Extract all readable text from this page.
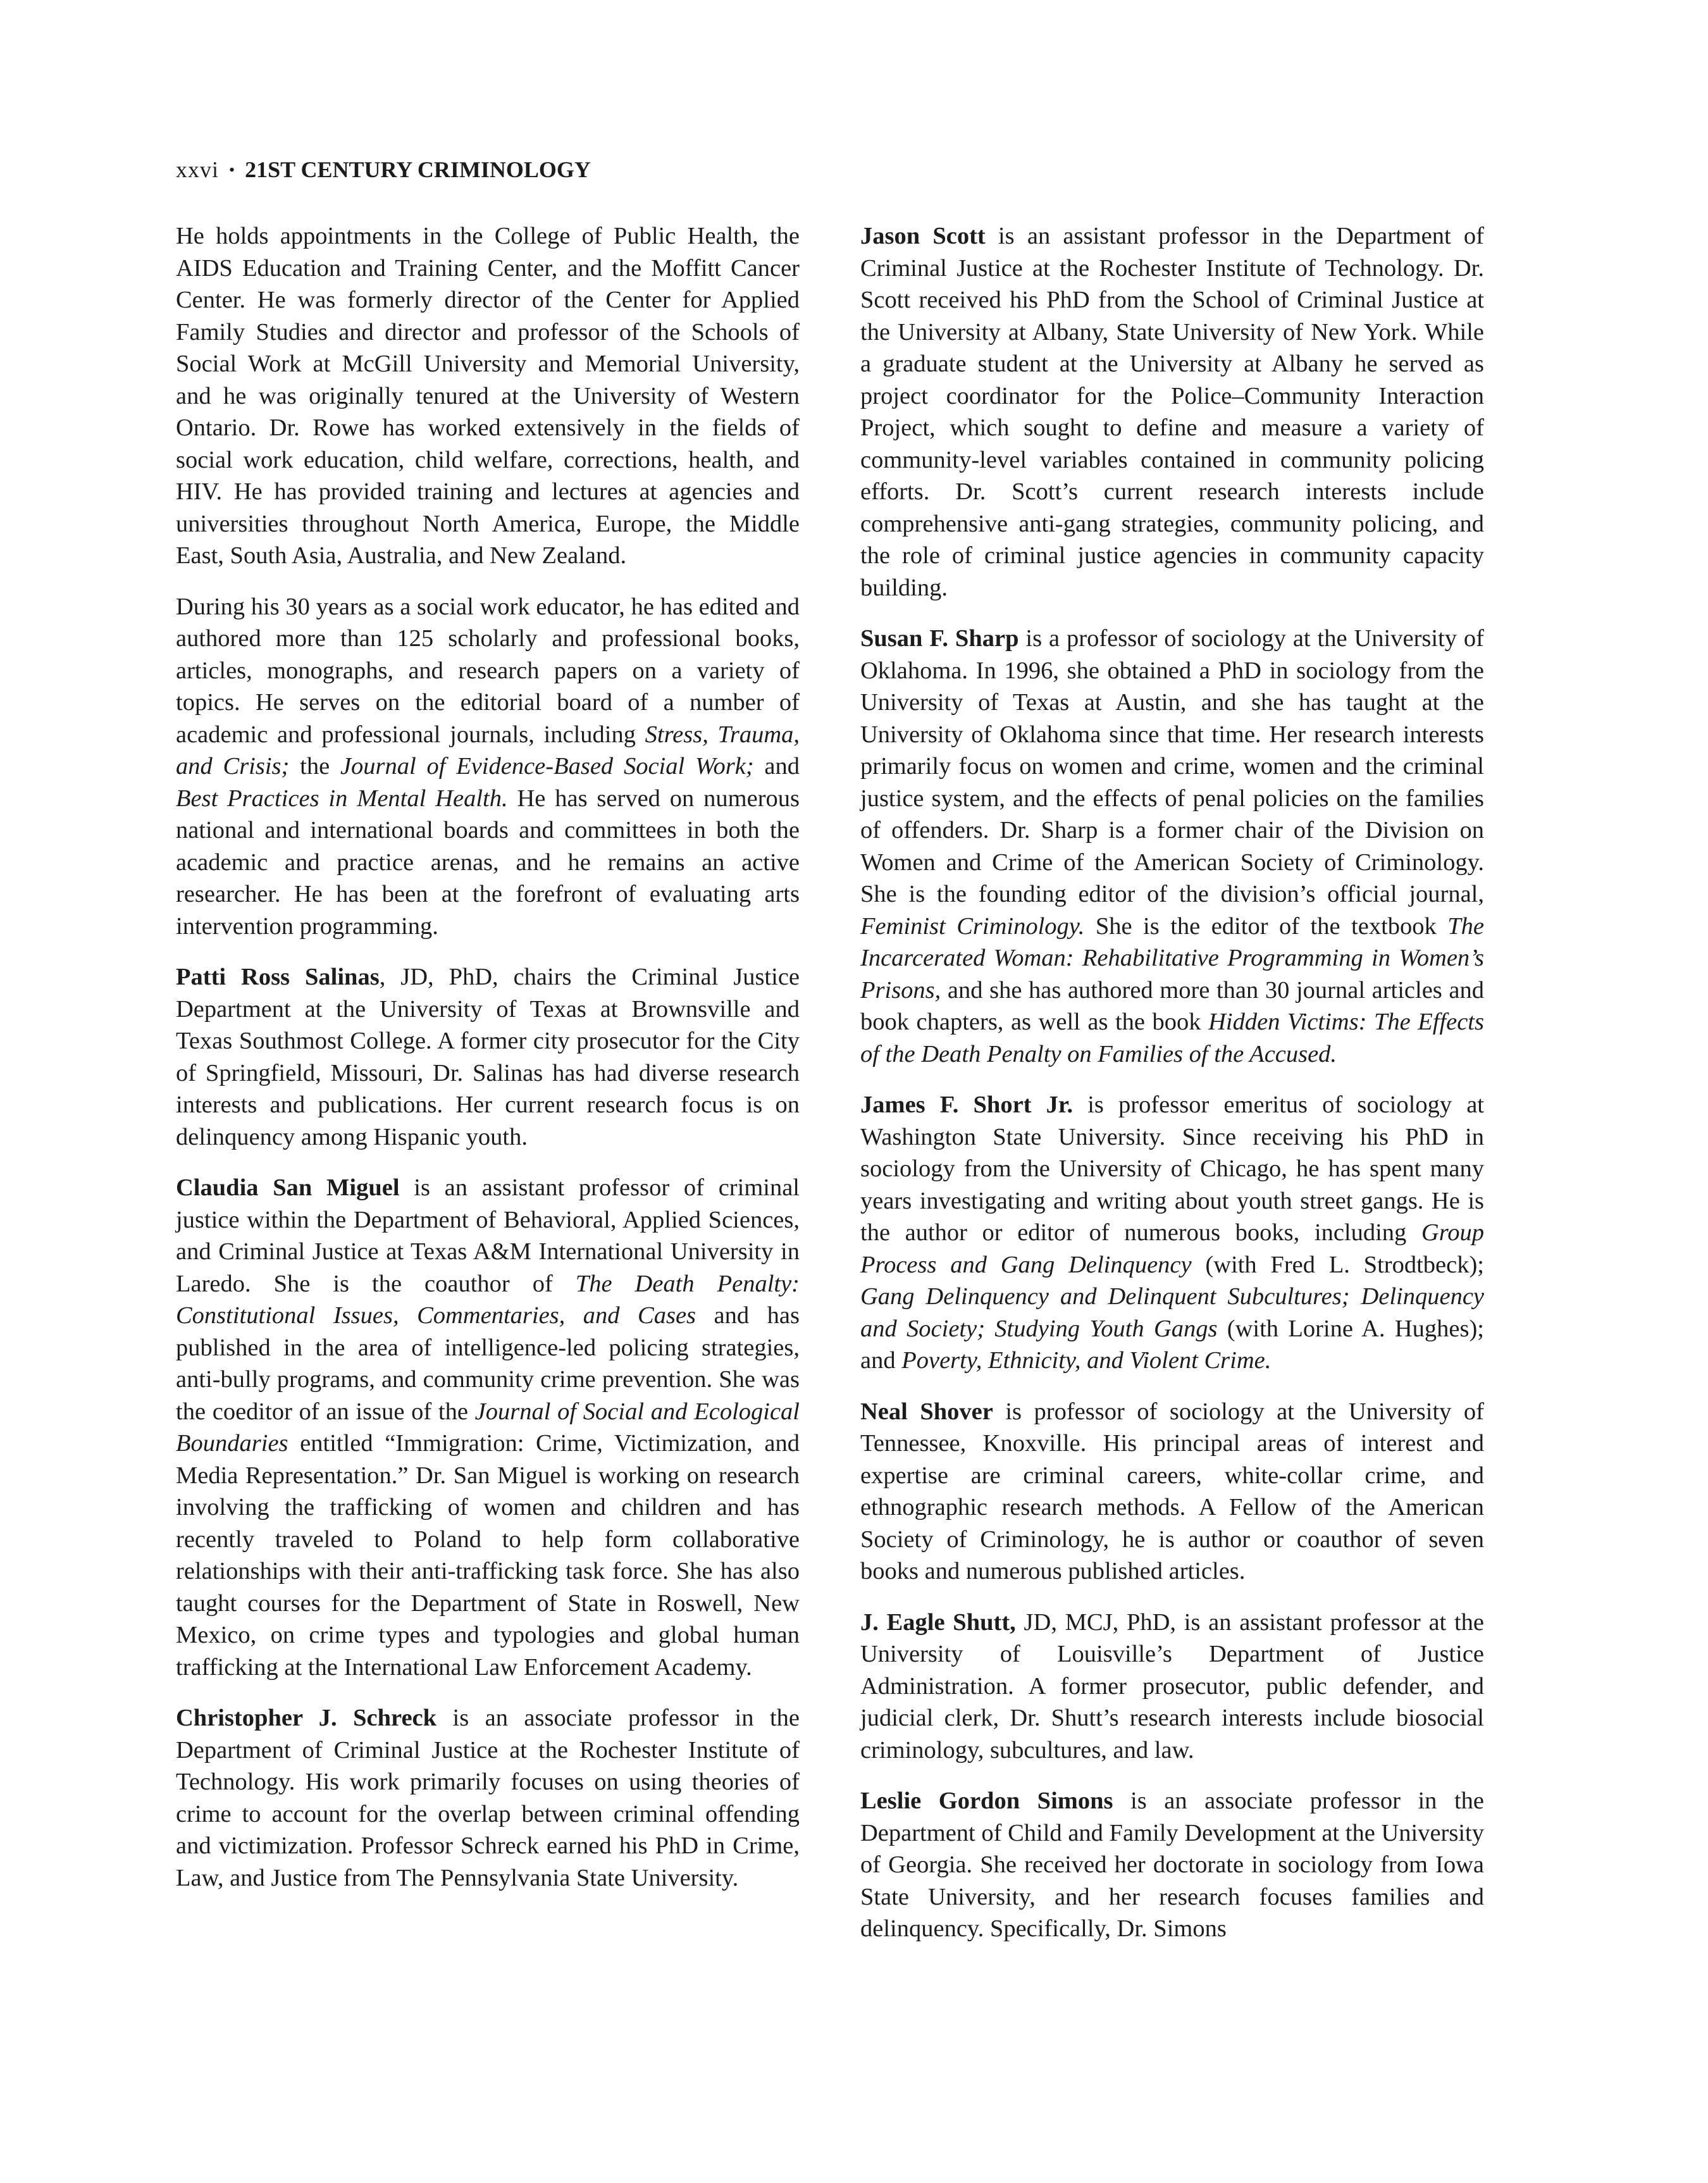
xxvi • 21ST CENTURY CRIMINOLOGY

He holds appointments in the College of Public Health, the AIDS Education and Training Center, and the Moffitt Cancer Center. He was formerly director of the Center for Applied Family Studies and director and professor of the Schools of Social Work at McGill University and Memorial University, and he was originally tenured at the University of Western Ontario. Dr. Rowe has worked extensively in the fields of social work education, child welfare, corrections, health, and HIV. He has provided training and lectures at agencies and universities throughout North America, Europe, the Middle East, South Asia, Australia, and New Zealand.

During his 30 years as a social work educator, he has edited and authored more than 125 scholarly and professional books, articles, monographs, and research papers on a variety of topics. He serves on the editorial board of a number of academic and professional journals, including Stress, Trauma, and Crisis; the Journal of Evidence-Based Social Work; and Best Practices in Mental Health. He has served on numerous national and international boards and committees in both the academic and practice arenas, and he remains an active researcher. He has been at the forefront of evaluating arts intervention programming.

Patti Ross Salinas, JD, PhD, chairs the Criminal Justice Department at the University of Texas at Brownsville and Texas Southmost College. A former city prosecutor for the City of Springfield, Missouri, Dr. Salinas has had diverse research interests and publications. Her current research focus is on delinquency among Hispanic youth.

Claudia San Miguel is an assistant professor of criminal justice within the Department of Behavioral, Applied Sciences, and Criminal Justice at Texas A&M International University in Laredo. She is the coauthor of The Death Penalty: Constitutional Issues, Commentaries, and Cases and has published in the area of intelligence-led policing strategies, anti-bully programs, and community crime prevention. She was the coeditor of an issue of the Journal of Social and Ecological Boundaries entitled “Immigration: Crime, Victimization, and Media Representation.” Dr. San Miguel is working on research involving the trafficking of women and children and has recently traveled to Poland to help form collaborative relationships with their anti-trafficking task force. She has also taught courses for the Department of State in Roswell, New Mexico, on crime types and typologies and global human trafficking at the International Law Enforcement Academy.

Christopher J. Schreck is an associate professor in the Department of Criminal Justice at the Rochester Institute of Technology. His work primarily focuses on using theories of crime to account for the overlap between criminal offending and victimization. Professor Schreck earned his PhD in Crime, Law, and Justice from The Pennsylvania State University.

Jason Scott is an assistant professor in the Department of Criminal Justice at the Rochester Institute of Technology. Dr. Scott received his PhD from the School of Criminal Justice at the University at Albany, State University of New York. While a graduate student at the University at Albany he served as project coordinator for the Police–Community Interaction Project, which sought to define and measure a variety of community-level variables contained in community policing efforts. Dr. Scott’s current research interests include comprehensive anti-gang strategies, community policing, and the role of criminal justice agencies in community capacity building.

Susan F. Sharp is a professor of sociology at the University of Oklahoma. In 1996, she obtained a PhD in sociology from the University of Texas at Austin, and she has taught at the University of Oklahoma since that time. Her research interests primarily focus on women and crime, women and the criminal justice system, and the effects of penal policies on the families of offenders. Dr. Sharp is a former chair of the Division on Women and Crime of the American Society of Criminology. She is the founding editor of the division’s official journal, Feminist Criminology. She is the editor of the textbook The Incarcerated Woman: Rehabilitative Programming in Women’s Prisons, and she has authored more than 30 journal articles and book chapters, as well as the book Hidden Victims: The Effects of the Death Penalty on Families of the Accused.

James F. Short Jr. is professor emeritus of sociology at Washington State University. Since receiving his PhD in sociology from the University of Chicago, he has spent many years investigating and writing about youth street gangs. He is the author or editor of numerous books, including Group Process and Gang Delinquency (with Fred L. Strodtbeck); Gang Delinquency and Delinquent Subcultures; Delinquency and Society; Studying Youth Gangs (with Lorine A. Hughes); and Poverty, Ethnicity, and Violent Crime.

Neal Shover is professor of sociology at the University of Tennessee, Knoxville. His principal areas of interest and expertise are criminal careers, white-collar crime, and ethnographic research methods. A Fellow of the American Society of Criminology, he is author or coauthor of seven books and numerous published articles.

J. Eagle Shutt, JD, MCJ, PhD, is an assistant professor at the University of Louisville’s Department of Justice Administration. A former prosecutor, public defender, and judicial clerk, Dr. Shutt’s research interests include biosocial criminology, subcultures, and law.

Leslie Gordon Simons is an associate professor in the Department of Child and Family Development at the University of Georgia. She received her doctorate in sociology from Iowa State University, and her research focuses families and delinquency. Specifically, Dr. Simons
